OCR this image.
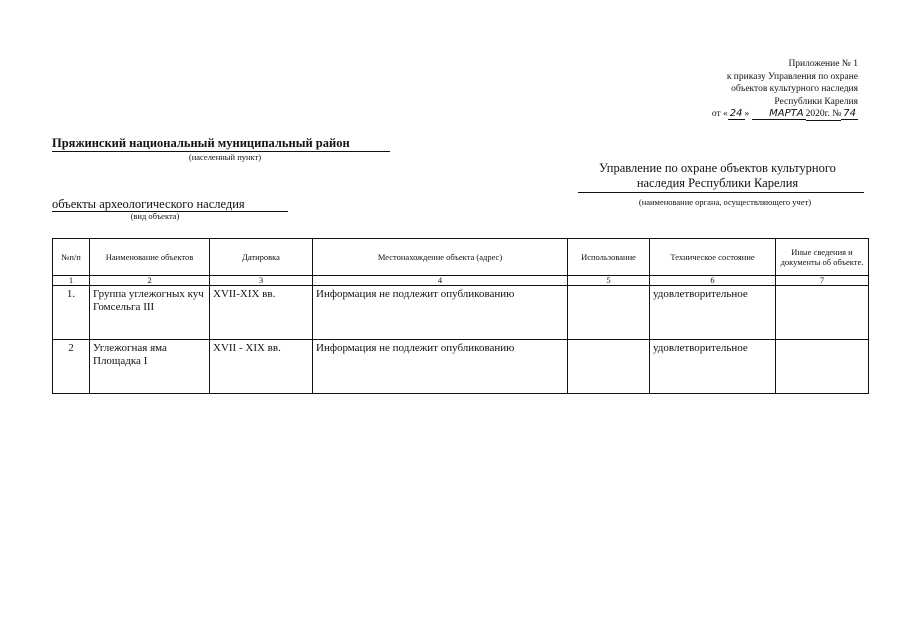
Приложение № 1
к приказу Управления по охране
объектов культурного наследия
Республики Карелия
от « 24 » МАРТА 2020г. № 74
Пряжинский национальный муниципальный район
(населенный пункт)
Управление по охране объектов культурного
наследия Республики Карелия
(наименование органа, осуществляющего учет)
объекты археологического наследия
(вид объекта)
№п/п	Наименование объектов	Датировка	Местонахождение объекта (адрес)	Использование	Техническое состояние	Иные сведения и документы об объекте.
1	2	3	4	5	6	7
1.	Группа углежогных куч Гомсельга III	XVII-XIX вв.	Информация не подлежит опубликованию		удовлетворительное	
2	Углежогная яма Площадка I	XVII - XIX вв.	Информация не подлежит опубликованию		удовлетворительное	
